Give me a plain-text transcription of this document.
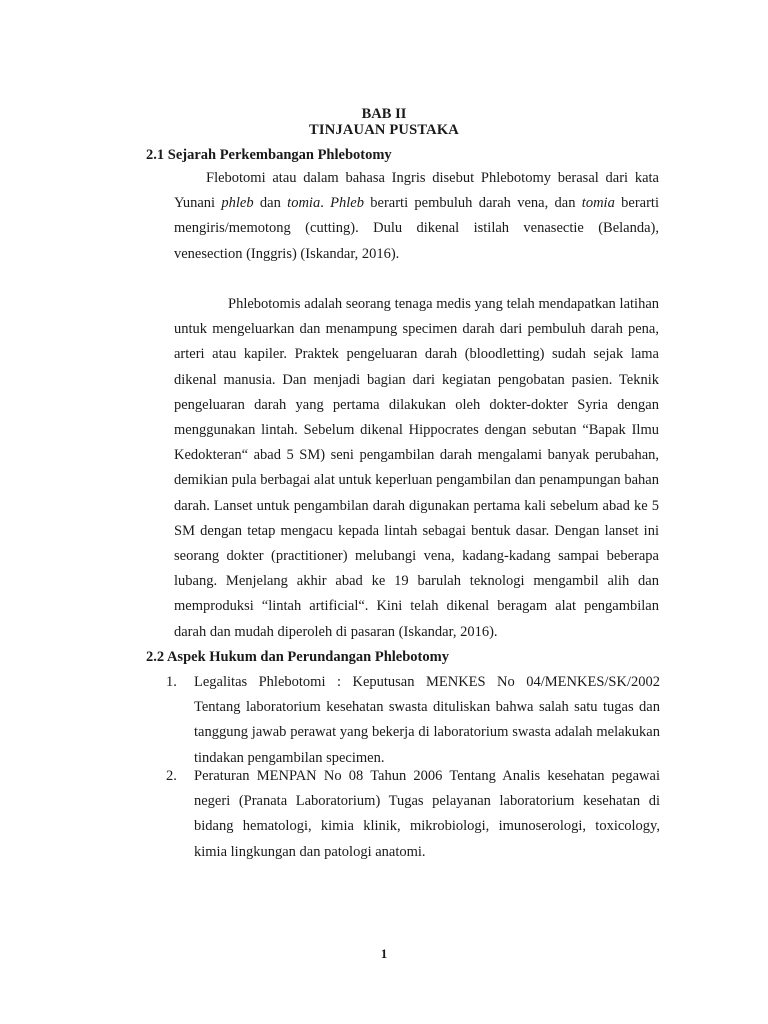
BAB II
TINJAUAN PUSTAKA
2.1 Sejarah Perkembangan Phlebotomy

Flebotomi atau dalam bahasa Ingris disebut Phlebotomy berasal dari kata Yunani phleb dan tomia. Phleb berarti pembuluh darah vena, dan tomia berarti mengiris/memotong (cutting). Dulu dikenal istilah venasectie (Belanda), venesection (Inggris) (Iskandar, 2016).

Phlebotomis adalah seorang tenaga medis yang telah mendapatkan latihan untuk mengeluarkan dan menampung specimen darah dari pembuluh darah pena, arteri atau kapiler. Praktek pengeluaran darah (bloodletting) sudah sejak lama dikenal manusia. Dan menjadi bagian dari kegiatan pengobatan pasien. Teknik pengeluaran darah yang pertama dilakukan oleh dokter-dokter Syria dengan menggunakan lintah. Sebelum dikenal Hippocrates dengan sebutan “Bapak Ilmu Kedokteran“ abad 5 SM) seni pengambilan darah mengalami banyak perubahan, demikian pula berbagai alat untuk keperluan pengambilan dan penampungan bahan darah. Lanset untuk pengambilan darah digunakan pertama kali sebelum abad ke 5 SM dengan tetap mengacu kepada lintah sebagai bentuk dasar. Dengan lanset ini seorang dokter (practitioner) melubangi vena, kadang-kadang sampai beberapa lubang. Menjelang akhir abad ke 19 barulah teknologi mengambil alih dan memproduksi “lintah artificial“. Kini telah dikenal beragam alat pengambilan darah dan mudah diperoleh di pasaran (Iskandar, 2016).

2.2 Aspek Hukum dan Perundangan Phlebotomy
1. Legalitas Phlebotomi : Keputusan MENKES No 04/MENKES/SK/2002 Tentang laboratorium kesehatan swasta dituliskan bahwa salah satu tugas dan tanggung jawab perawat yang bekerja di laboratorium swasta adalah melakukan tindakan pengambilan specimen.
2. Peraturan MENPAN No 08 Tahun 2006 Tentang Analis kesehatan pegawai negeri (Pranata Laboratorium) Tugas pelayanan laboratorium kesehatan di bidang hematologi, kimia klinik, mikrobiologi, imunoserologi, toxicology, kimia lingkungan dan patologi anatomi.

1
